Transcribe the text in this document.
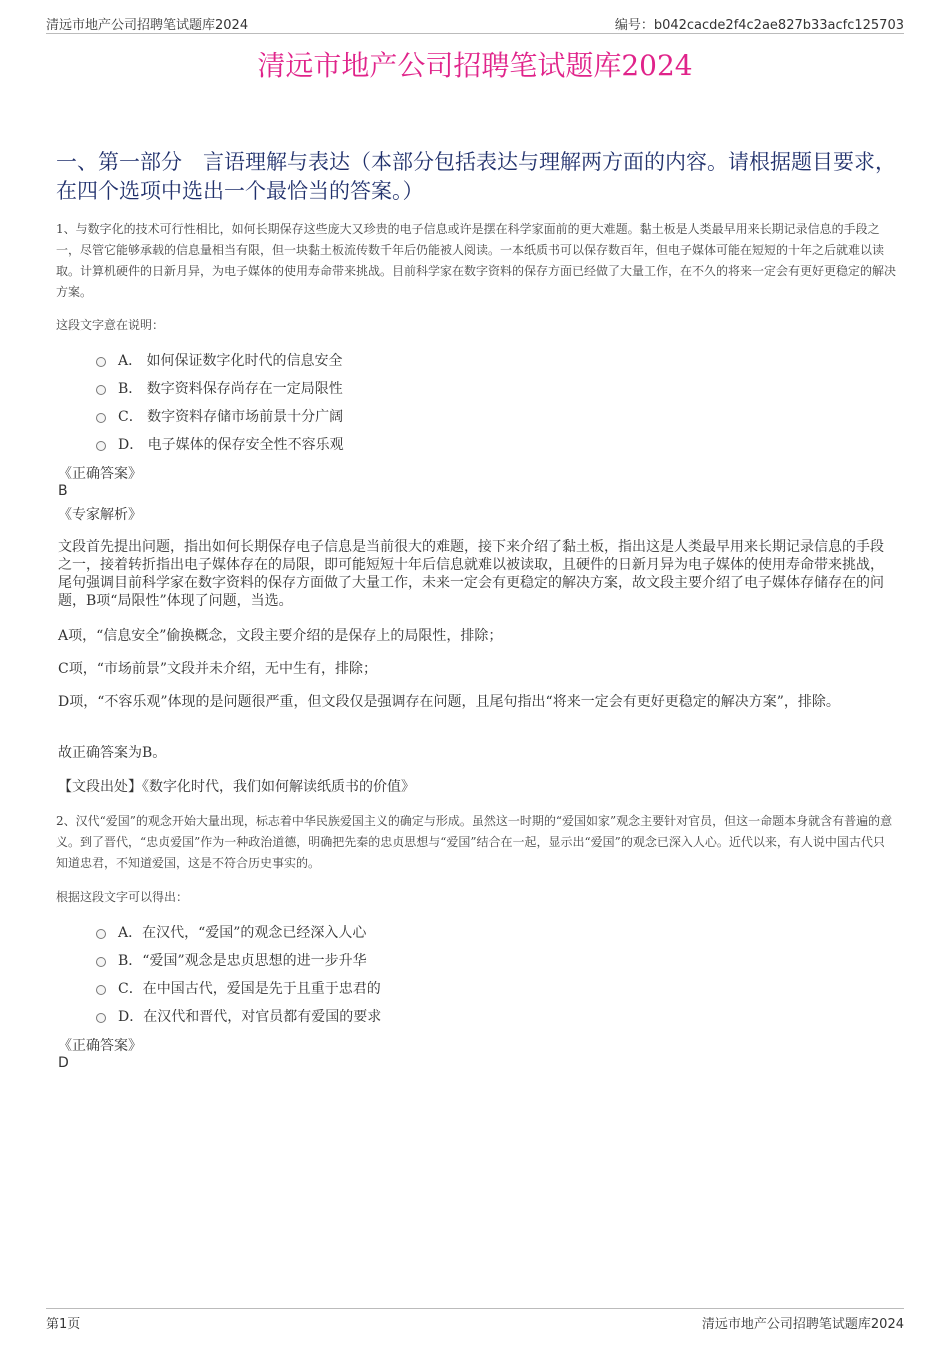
清远市地产公司招聘笔试题库2024	编号：b042cacde2f4c2ae827b33acfc125703
清远市地产公司招聘笔试题库2024
一、第一部分　言语理解与表达（本部分包括表达与理解两方面的内容。请根据题目要求，在四个选项中选出一个最恰当的答案。）
1、与数字化的技术可行性相比，如何长期保存这些庞大又珍贵的电子信息或许是摆在科学家面前的更大难题。黏土板是人类最早用来长期记录信息的手段之一，尽管它能够承载的信息量相当有限，但一块黏土板流传数千年后仍能被人阅读。一本纸质书可以保存数百年，但电子媒体可能在短短的十年之后就难以读取。计算机硬件的日新月异，为电子媒体的使用寿命带来挑战。目前科学家在数字资料的保存方面已经做了大量工作，在不久的将来一定会有更好更稳定的解决方案。
这段文字意在说明：
A． 如何保证数字化时代的信息安全
B． 数字资料保存尚存在一定局限性
C． 数字资料存储市场前景十分广阔
D． 电子媒体的保存安全性不容乐观
《正确答案》
B
《专家解析》
文段首先提出问题，指出如何长期保存电子信息是当前很大的难题，接下来介绍了黏土板，指出这是人类最早用来长期记录信息的手段之一，接着转折指出电子媒体存在的局限，即可能短短十年后信息就难以被读取，且硬件的日新月异为电子媒体的使用寿命带来挑战，尾句强调目前科学家在数字资料的保存方面做了大量工作，未来一定会有更稳定的解决方案，故文段主要介绍了电子媒体存储存在的问题，B项“局限性”体现了问题，当选。
A项，“信息安全”偷换概念，文段主要介绍的是保存上的局限性，排除；
C项，“市场前景”文段并未介绍，无中生有，排除；
D项，“不容乐观”体现的是问题很严重，但文段仅是强调存在问题，且尾句指出“将来一定会有更好更稳定的解决方案”，排除。
故正确答案为B。
【文段出处】《数字化时代，我们如何解读纸质书的价值》
2、汉代“爱国”的观念开始大量出现，标志着中华民族爱国主义的确定与形成。虽然这一时期的“爱国如家”观念主要针对官员，但这一命题本身就含有普遍的意义。到了晋代，“忠贞爱国”作为一种政治道德，明确把先秦的忠贞思想与“爱国”结合在一起，显示出“爱国”的观念已深入人心。近代以来，有人说中国古代只知道忠君，不知道爱国，这是不符合历史事实的。
根据这段文字可以得出：
A．在汉代，“爱国”的观念已经深入人心
B．“爱国”观念是忠贞思想的进一步升华
C．在中国古代，爱国是先于且重于忠君的
D．在汉代和晋代，对官员都有爱国的要求
《正确答案》
D
第1页	清远市地产公司招聘笔试题库2024
